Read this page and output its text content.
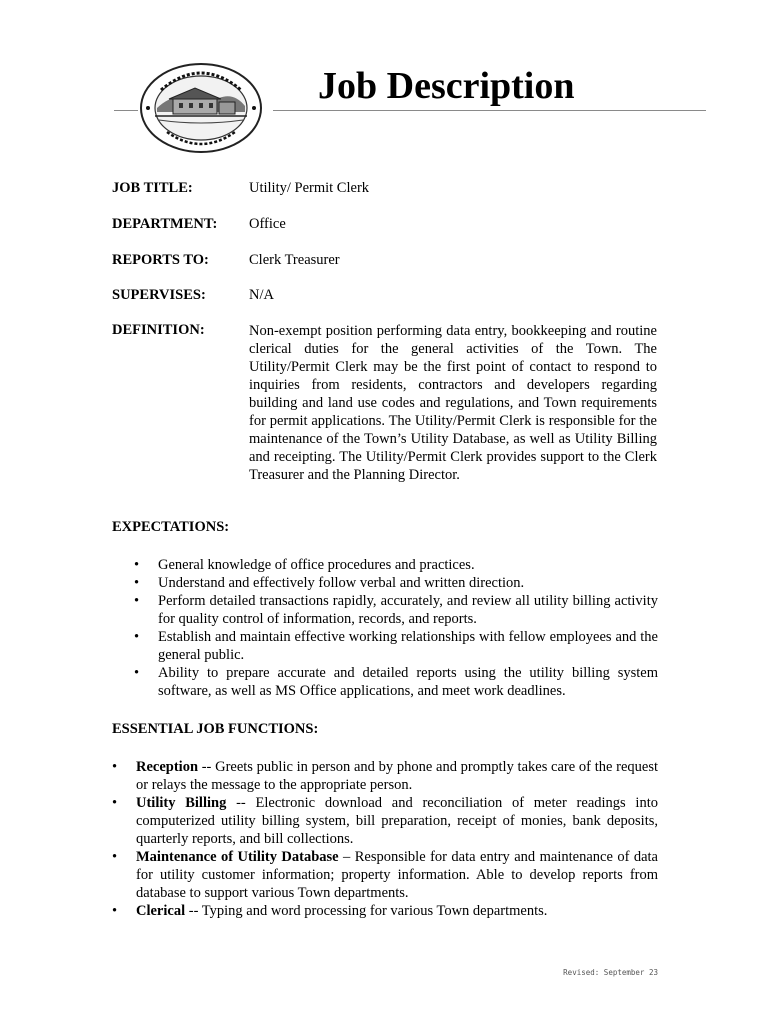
Job Description
JOB TITLE:	Utility/ Permit Clerk
DEPARTMENT: Office
REPORTS TO:	Clerk Treasurer
SUPERVISES:	N/A
DEFINITION:	Non-exempt position performing data entry, bookkeeping and routine clerical duties for the general activities of the Town. The Utility/Permit Clerk may be the first point of contact to respond to inquiries from residents, contractors and developers regarding building and land use codes and regulations, and Town requirements for permit applications. The Utility/Permit Clerk is responsible for the maintenance of the Town’s Utility Database, as well as Utility Billing and receipting. The Utility/Permit Clerk provides support to the Clerk Treasurer and the Planning Director.

EXPECTATIONS:
• General knowledge of office procedures and practices.
• Understand and effectively follow verbal and written direction.
• Perform detailed transactions rapidly, accurately, and review all utility billing activity for quality control of information, records, and reports.
• Establish and maintain effective working relationships with fellow employees and the general public.
• Ability to prepare accurate and detailed reports using the utility billing system software, as well as MS Office applications, and meet work deadlines.
ESSENTIAL JOB FUNCTIONS:
• Reception -- Greets public in person and by phone and promptly takes care of the request or relays the message to the appropriate person.
• Utility Billing -- Electronic download and reconciliation of meter readings into computerized utility billing system, bill preparation, receipt of monies, bank deposits, quarterly reports, and bill collections.
• Maintenance of Utility Database – Responsible for data entry and maintenance of data for utility customer information; property information. Able to develop reports from database to support various Town departments.
• Clerical -- Typing and word processing for various Town departments.
Revised: September 23
